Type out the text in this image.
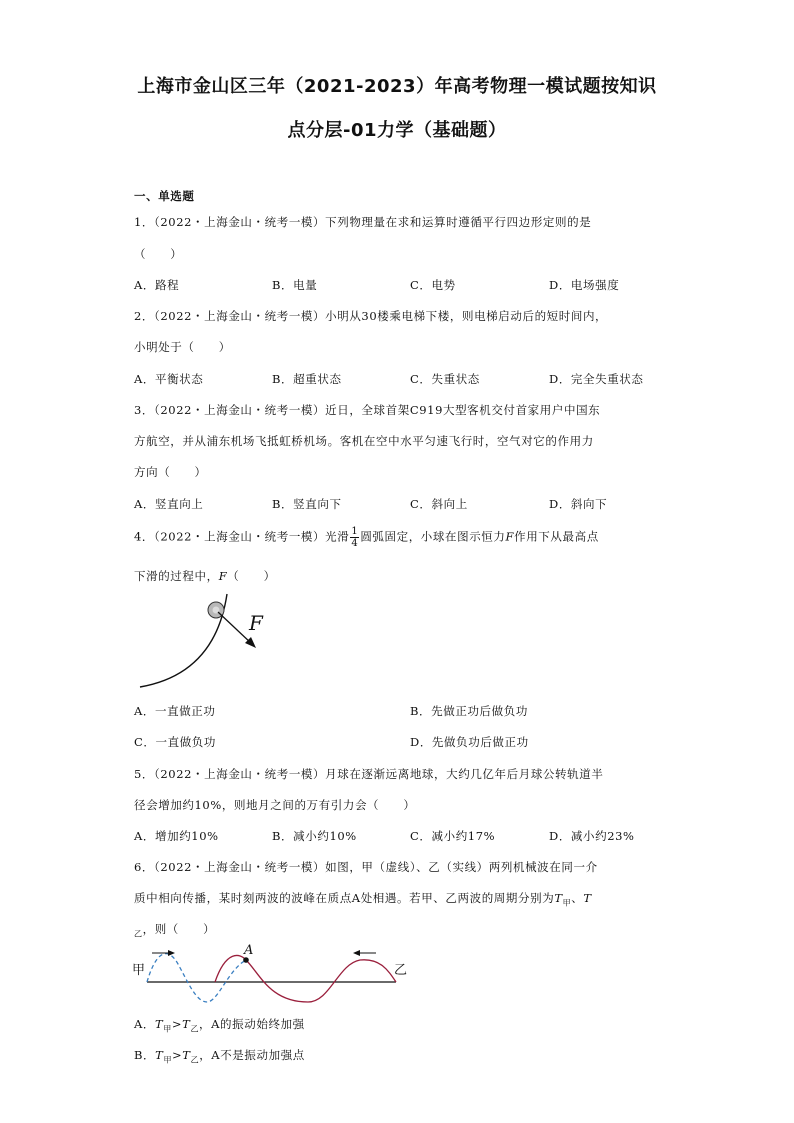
上海市金山区三年（2021-2023）年高考物理一模试题按知识
点分层-01力学（基础题）
一、单选题
1．（2022・上海金山・统考一模）下列物理量在求和运算时遵循平行四边形定则的是
（　　）
A．路程	B．电量	C．电势	D．电场强度
2．（2022・上海金山・统考一模）小明从30楼乘电梯下楼，则电梯启动后的短时间内，
小明处于（　　）
A．平衡状态	B．超重状态	C．失重状态	D．完全失重状态
3．（2022・上海金山・统考一模）近日，全球首架C919大型客机交付首家用户中国东
方航空，并从浦东机场飞抵虹桥机场。客机在空中水平匀速飞行时，空气对它的作用力
方向（　　）
A．竖直向上	B．竖直向下	C．斜向上	D．斜向下
4．（2022・上海金山・统考一模）光滑 $\frac{1}{4}$ 圆弧固定，小球在图示恒力F作用下从最高点
下滑的过程中，F（　　）
F
A．一直做正功	B．先做正功后做负功
C．一直做负功	D．先做负功后做正功
5．（2022・上海金山・统考一模）月球在逐渐远离地球，大约几亿年后月球公转轨道半
径会增加约10%，则地月之间的万有引力会（　　）
A．增加约10%	B．减小约10%	C．减小约17%	D．减小约23%
6．（2022・上海金山・统考一模）如图，甲（虚线）、乙（实线）两列机械波在同一介
质中相向传播，某时刻两波的波峰在质点A处相遇。若甲、乙两波的周期分别为$T_甲$、T
$_乙$，则（　　）
甲	乙
A
A．$T_甲>T_乙$，A的振动始终加强
B．$T_甲>T_乙$，A不是振动加强点
